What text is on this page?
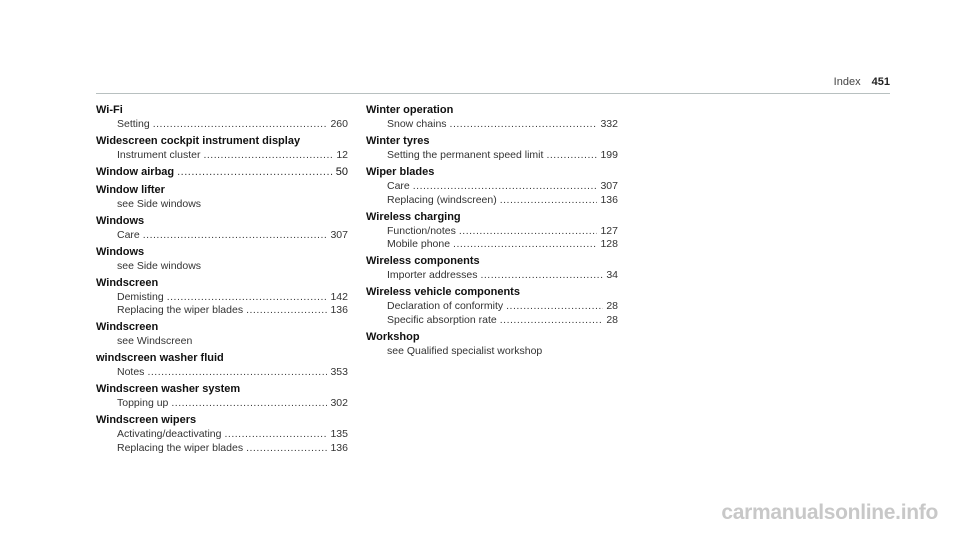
Index 451
Wi-Fi
Setting .....	260
Widescreen cockpit instrument display
Instrument cluster .....	12
Window airbag .....	50
Window lifter
see Side windows
Windows
Care .....	307
Windows
see Side windows
Windscreen
Demisting .....	142
Replacing the wiper blades .....	136
Windscreen
see Windscreen
windscreen washer fluid
Notes .....	353
Windscreen washer system
Topping up .....	302
Windscreen wipers
Activating/deactivating .....	135
Replacing the wiper blades .....	136
Winter operation
Snow chains .....	332
Winter tyres
Setting the permanent speed limit .....	199
Wiper blades
Care .....	307
Replacing (windscreen) .....	136
Wireless charging
Function/notes .....	127
Mobile phone .....	128
Wireless components
Importer addresses .....	34
Wireless vehicle components
Declaration of conformity .....	28
Specific absorption rate .....	28
Workshop
see Qualified specialist workshop
carmanualsonline.info
